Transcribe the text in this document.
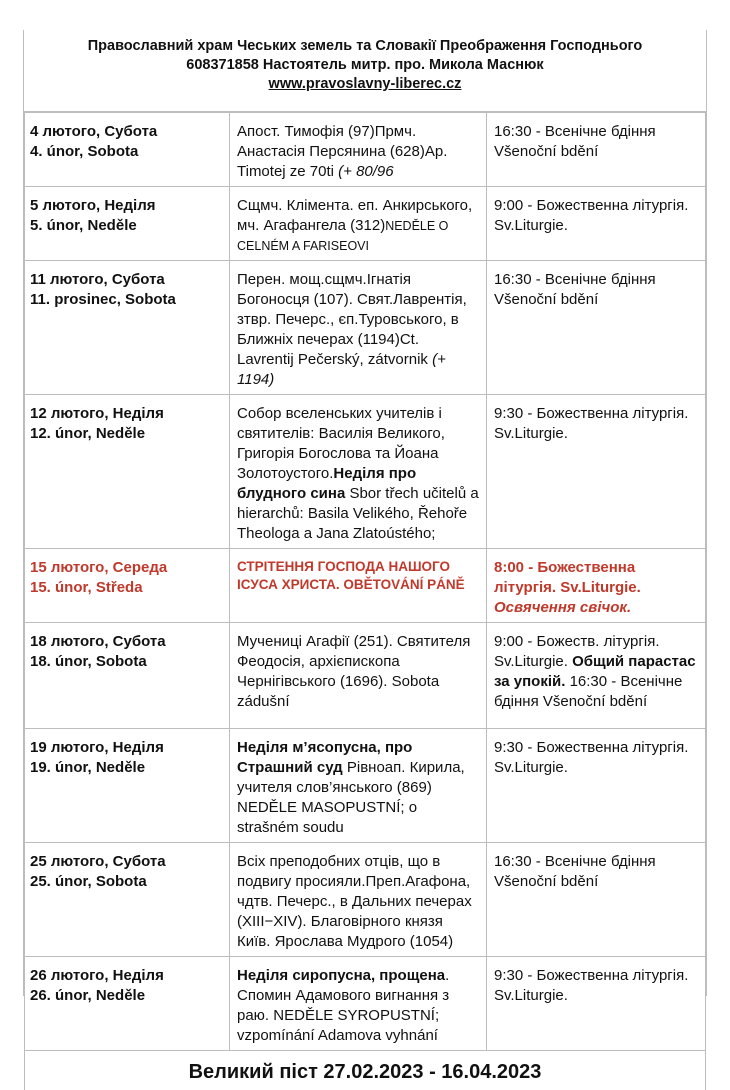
Православний храм Чеських земель та Словакії Преображення Господнього
608371858 Настоятель митр. про. Микола Маснюк
www.pravoslavny-liberec.cz
4 лютого, Субота
4. únor, Sobota	Апост. Тимофія (97)Прмч. Анастасія Персянина (628)Ар. Timotej ze 70ti (+ 80/96	16:30 - Всенічне бдіння Všenoční bdění

5 лютого, Неділя
5. únor, Neděle	Сщмч. Клімента. еп. Анкирського, мч. Агафангела (312)NEDĚLE O CELNÉM A FARISEOVI	9:00 - Божественна літургія. Sv.Liturgie.

11 лютого, Субота
11. prosinec, Sobota	Перен. мощ.сщмч.Ігнатія Богоносця (107). Свят.Лаврентія, зтвр. Печерс., єп.Туровського, в Ближніх печерах (1194)Ct. Lavrentij Pečerský, zátvornik (+ 1194)	16:30 - Всенічне бдіння Všenoční bdění

12 лютого, Неділя
12. únor, Neděle	Собор вселенських учителів і святителів: Василія Великого, Григорія Богослова та Йоана Золотоустого.Неділя про блудного сина Sbor třech učitelů a hierarchů: Basila Velikého, Řehoře Theologa a Jana Zlatoústého;	9:30 - Божественна літургія. Sv.Liturgie.

15 лютого, Середа
15. únor, Středa	СТРІТЕННЯ ГОСПОДА НАШОГО ІСУСА ХРИСТА. OBĚTOVÁNÍ PÁNĚ	8:00 - Божественна літургія. Sv.Liturgie. Освячення свічок.

18 лютого, Субота
18. únor, Sobota	Мучениці Агафії (251). Святителя Феодосія, архієпископа Чернігівського (1696). Sobota zádušní	9:00 - Божеств. літургія. Sv.Liturgie. Общий парастас за упокій. 16:30 - Всенічне бдіння Všenoční bdění

19 лютого, Неділя
19. únor, Neděle	Неділя м’ясопусна, про Страшний суд Рівноап. Кирила, учителя слов’янського (869) NEDĚLE MASOPUSTNÍ; o strašném soudu	9:30 - Божественна літургія. Sv.Liturgie.

25 лютого, Субота
25. únor, Sobota	Всіх преподобних отців, що в подвигу просияли.Преп.Агафона, чдтв. Печерс., в Дальних печерах (XIII−XIV). Благовірного князя Київ. Ярослава Мудрого (1054)	16:30 - Всенічне бдіння Všenoční bdění

26 лютого, Неділя
26. únor, Neděle	Неділя сиропусна, прощена. Спомин Адамового вигнання з раю. NEDĚLE SYROPUSTNÍ; vzpomínání Adamova vyhnání	9:30 - Божественна літургія. Sv.Liturgie.
Великий піст 27.02.2023 - 16.04.2023		
